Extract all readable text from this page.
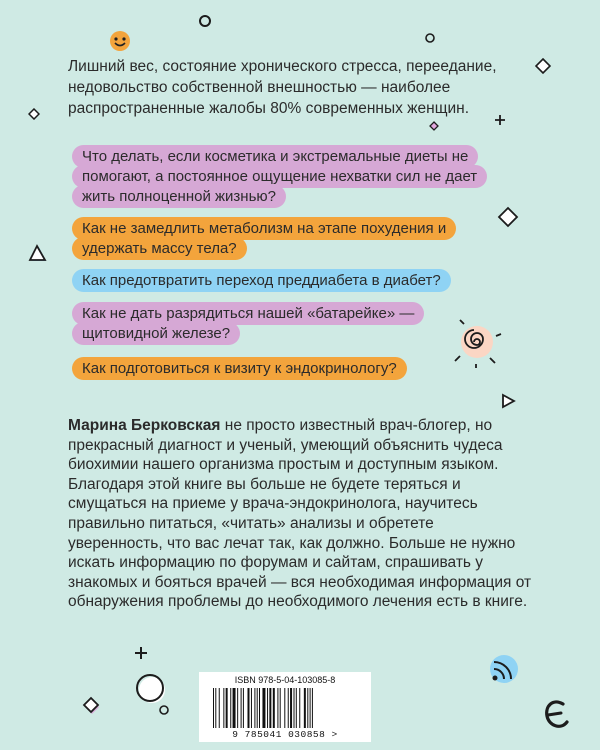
Лишний вес, состояние хронического стресса, переедание, недовольство собственной внешностью — наиболее распространенные жалобы 80% современных женщин.

Что делать, если косметика и экстремальные диеты не помогают, а постоянное ощущение нехватки сил не дает жить полноценной жизнью?
Как не замедлить метаболизм на этапе похудения и удержать массу тела?
Как предотвратить переход преддиабета в диабет?
Как не дать разрядиться нашей «батарейке» — щитовидной железе?
Как подготовиться к визиту к эндокринологу?

Марина Берковская не просто известный врач-блогер, но прекрасный диагност и ученый, умеющий объяснить чудеса биохимии нашего организма простым и доступным языком. Благодаря этой книге вы больше не будете теряться и смущаться на приеме у врача-эндокринолога, научитесь правильно питаться, «читать» анализы и обретете уверенность, что вас лечат так, как должно. Больше не нужно искать информацию по форумам и сайтам, спрашивать у знакомых и бояться врачей — вся необходимая информация от обнаружения проблемы до необходимого лечения есть в книге.

ISBN 978-5-04-103085-8
9 785041 030858 >
